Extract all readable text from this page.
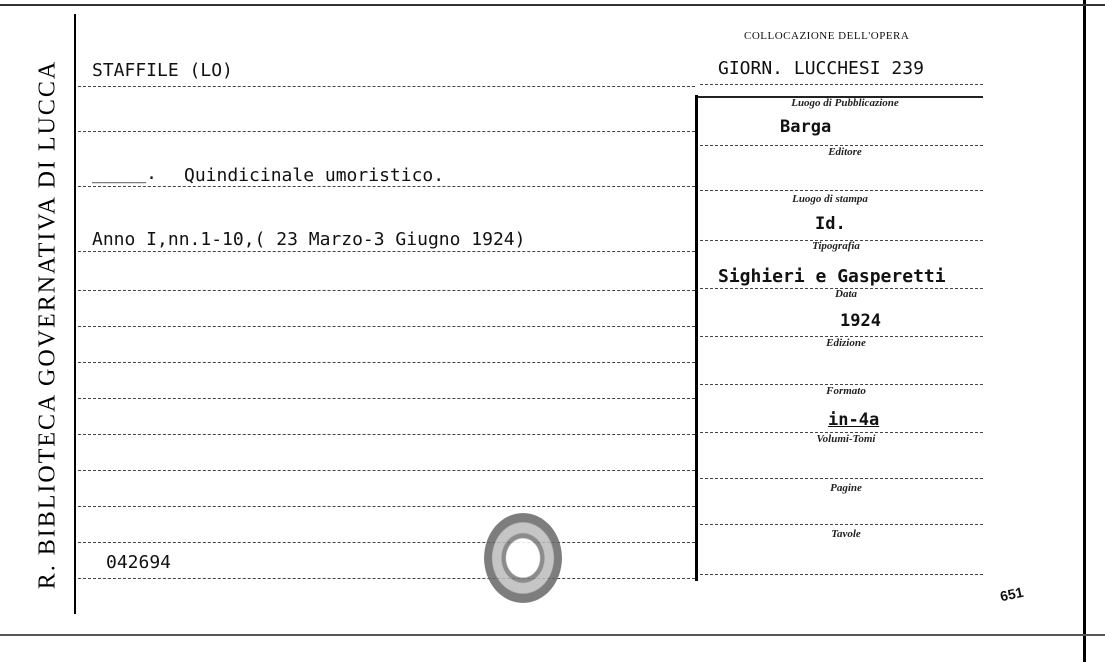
R. BIBLIOTECA GOVERNATIVA DI LUCCA
COLLOCAZIONE DELL'OPERA
GIORN. LUCCHESI 239
STAFFILE (LO)
_____. Quindicinale umoristico.
Anno I,nn.1-10,( 23 Marzo-3 Giugno 1924)
042694
Luogo di Pubblicazione
Barga
Editore
Luogo di stampa
Id.
Tipografia
Sighieri e Gasperetti
Data
1924
Edizione
Formato
in-4a
Volumi-Tomi
Pagine
Tavole
651
